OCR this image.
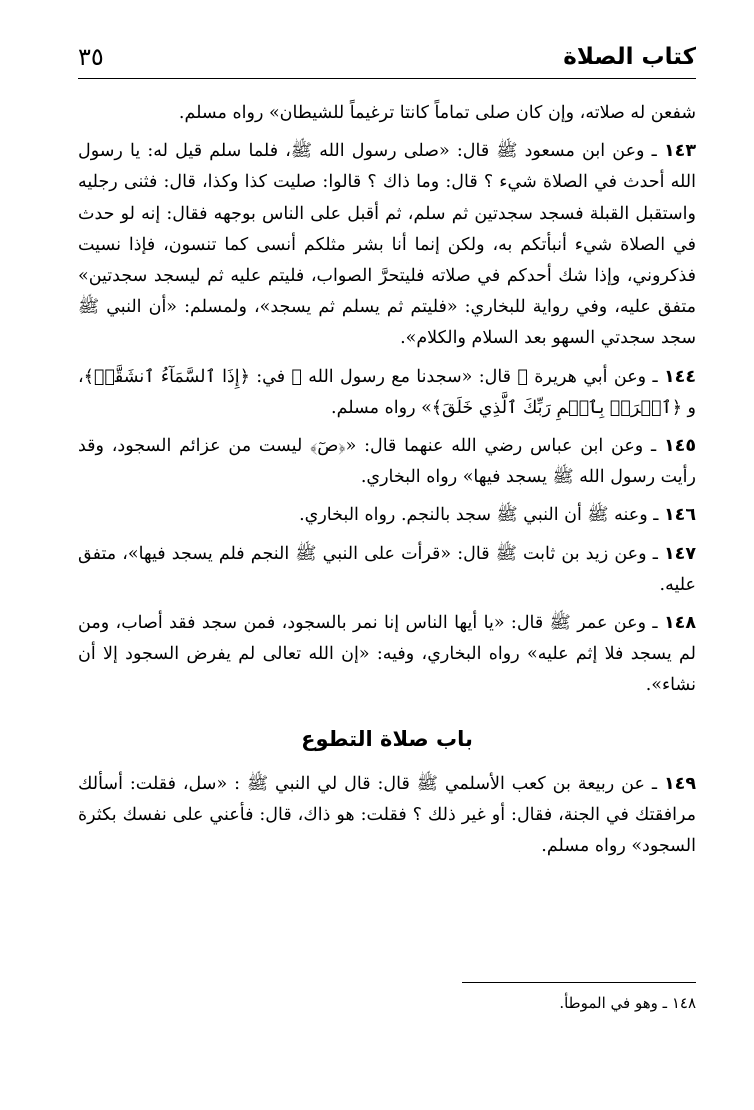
كتاب الصلاة
٣٥

شفعن له صلاته، وإن كان صلى تماماً كانتا ترغيماً للشيطان» رواه مسلم.

١٤٣ ـ وعن ابن مسعود ﷺ قال: «صلى رسول الله ﷺ، فلما سلم قيل له: يا رسول الله أحدث في الصلاة شيء ؟ قال: وما ذاك ؟ قالوا: صليت كذا وكذا، قال: فثنى رجليه واستقبل القبلة فسجد سجدتين ثم سلم، ثم أقبل على الناس بوجهه فقال: إنه لو حدث في الصلاة شيء أنبأتكم به، ولكن إنما أنا بشر مثلكم أنسى كما تنسون، فإذا نسيت فذكروني، وإذا شك أحدكم في صلاته فليتحرَّ الصواب، فليتم عليه ثم ليسجد سجدتين» متفق عليه، وفي رواية للبخاري: «فليتم ثم يسلم ثم يسجد»، ولمسلم: «أن النبي ﷺ سجد سجدتي السهو بعد السلام والكلام».

١٤٤ ـ وعن أبي هريرة ﷺ قال: «سجدنا مع رسول الله ﷺ في: ﴿إِذَا ٱلسَّمَآءُ ٱنشَقَّتۡ﴾، و ﴿ٱقۡرَأۡ بِٱسۡمِ رَبِّكَ ٱلَّذِي خَلَقَ﴾» رواه مسلم.

١٤٥ ـ وعن ابن عباس رضي الله عنهما قال: «﴿صٓ﴾ ليست من عزائم السجود، وقد رأيت رسول الله ﷺ يسجد فيها» رواه البخاري.

١٤٦ ـ وعنه ﷺ أن النبي ﷺ سجد بالنجم. رواه البخاري.

١٤٧ ـ وعن زيد بن ثابت ﷺ قال: «قرأت على النبي ﷺ النجم فلم يسجد فيها»، متفق عليه.

١٤٨ ـ وعن عمر ﷺ قال: «يا أيها الناس إنا نمر بالسجود، فمن سجد فقد أصاب، ومن لم يسجد فلا إثم عليه» رواه البخاري، وفيه: «إن الله تعالى لم يفرض السجود إلا أن نشاء».

باب صلاة التطوع

١٤٩ ـ عن ربيعة بن كعب الأسلمي ﷺ قال: قال لي النبي ﷺ : «سل، فقلت: أسألك مرافقتك في الجنة، فقال: أو غير ذلك ؟ فقلت: هو ذاك، قال: فأعني على نفسك بكثرة السجود» رواه مسلم.

١٤٨ ـ وهو في الموطأ.
